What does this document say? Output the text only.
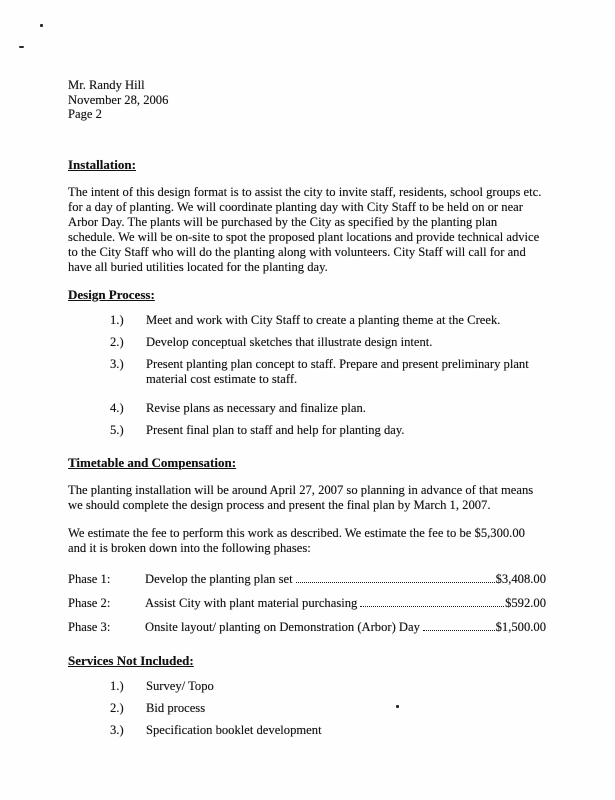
Mr. Randy Hill
November 28, 2006
Page 2
Installation:

The intent of this design format is to assist the city to invite staff, residents, school groups etc. for a day of planting. We will coordinate planting day with City Staff to be held on or near Arbor Day. The plants will be purchased by the City as specified by the planting plan schedule. We will be on-site to spot the proposed plant locations and provide technical advice to the City Staff who will do the planting along with volunteers. City Staff will call for and have all buried utilities located for the planting day.

Design Process:
1.)	Meet and work with City Staff to create a planting theme at the Creek.
2.)	Develop conceptual sketches that illustrate design intent.
3.)	Present planting plan concept to staff. Prepare and present preliminary plant material cost estimate to staff.
4.)	Revise plans as necessary and finalize plan.
5.)	Present final plan to staff and help for planting day.
Timetable and Compensation:

The planting installation will be around April 27, 2007 so planning in advance of that means we should complete the design process and present the final plan by March 1, 2007.

We estimate the fee to perform this work as described. We estimate the fee to be $5,300.00 and it is broken down into the following phases:

Phase 1:	Develop the planting plan set	$3,408.00
Phase 2:	Assist City with plant material purchasing	$592.00
Phase 3:	Onsite layout/ planting on Demonstration (Arbor) Day	$1,500.00
Services Not Included:
1.)	Survey/ Topo
2.)	Bid process
3.)	Specification booklet development
